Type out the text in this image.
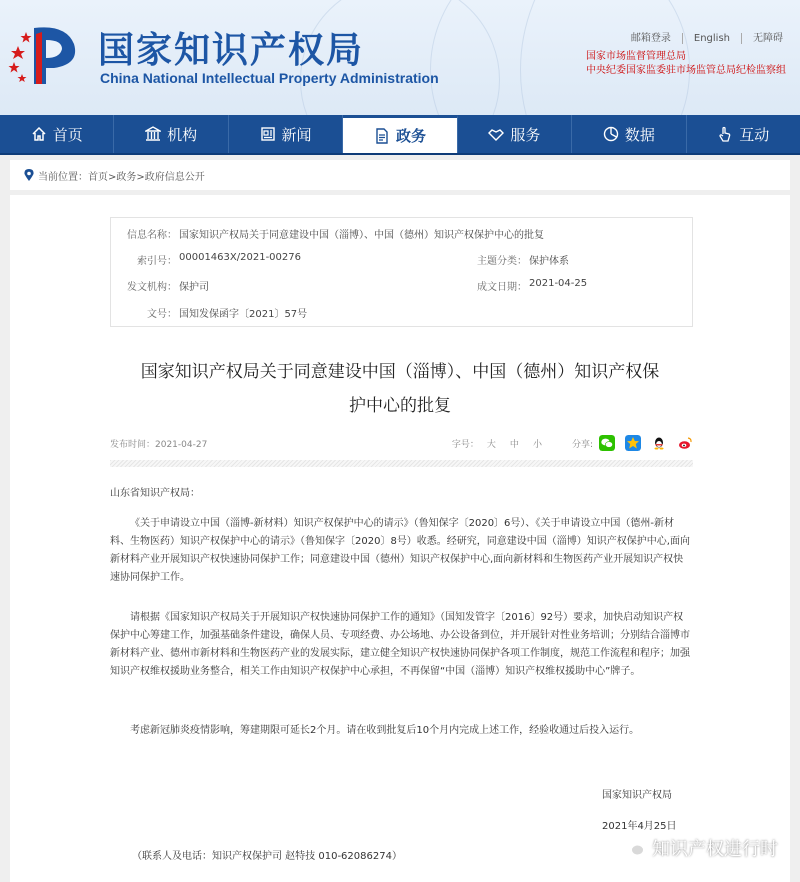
国家知识产权局
China National Intellectual Property Administration
邮箱登录	English	无障碍
国家市场监督管理总局
中央纪委国家监委驻市场监管总局纪检监察组
首页	机构	新闻	政务	服务	数据	互动
当前位置： 首页>政务>政府信息公开
信息名称： 国家知识产权局关于同意建设中国（淄博）、中国（德州）知识产权保护中心的批复
索引号： 00001463X/2021-00276	主题分类： 保护体系
发文机构： 保护司	成文日期： 2021-04-25
文号： 国知发保函字〔2021〕57号
国家知识产权局关于同意建设中国（淄博）、中国（德州）知识产权保
护中心的批复
发布时间：2021-04-27	字号： 大 中 小	分享:
山东省知识产权局：
《关于申请设立中国（淄博-新材料）知识产权保护中心的请示》（鲁知保字〔2020〕6号）、《关于申请设立中国（德州-新材料、生物医药）知识产权保护中心的请示》（鲁知保字〔2020〕8号）收悉。经研究，同意建设中国（淄博）知识产权保护中心,面向新材料产业开展知识产权快速协同保护工作；同意建设中国（德州）知识产权保护中心,面向新材料和生物医药产业开展知识产权快速协同保护工作。
请根据《国家知识产权局关于开展知识产权快速协同保护工作的通知》（国知发管字〔2016〕92号）要求，加快启动知识产权保护中心筹建工作，加强基础条件建设，确保人员、专项经费、办公场地、办公设备到位，并开展针对性业务培训；分别结合淄博市新材料产业、德州市新材料和生物医药产业的发展实际，建立健全知识产权快速协同保护各项工作制度，规范工作流程和程序；加强知识产权维权援助业务整合，相关工作由知识产权保护中心承担，不再保留“中国（淄博）知识产权维权援助中心”牌子。
考虑新冠肺炎疫情影响，筹建期限可延长2个月。请在收到批复后10个月内完成上述工作，经验收通过后投入运行。
国家知识产权局
2021年4月25日
（联系人及电话：知识产权保护司 赵特技 010-62086274）	知识产权进行时
